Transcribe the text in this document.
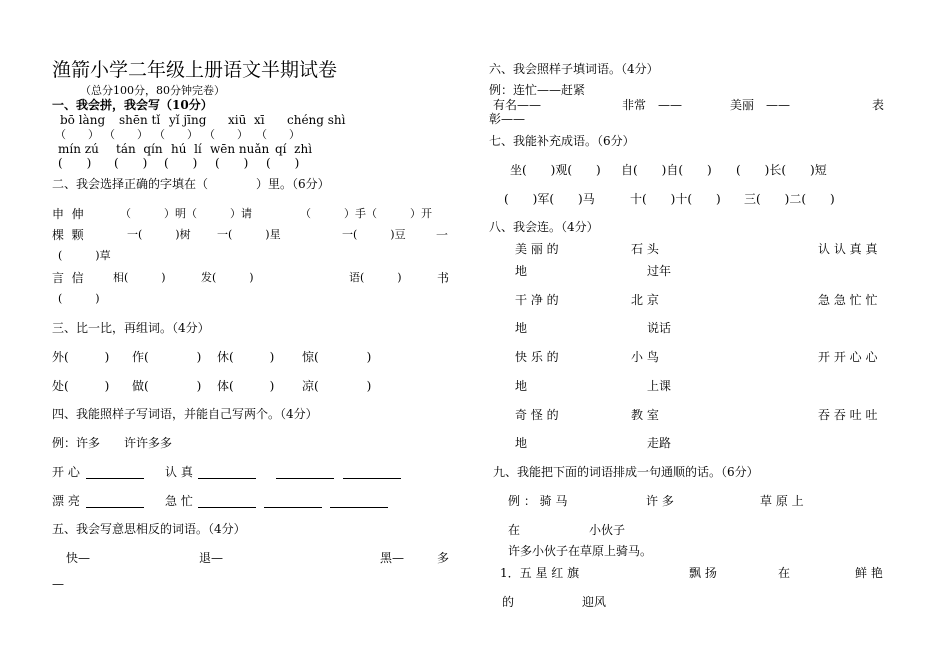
渔箭小学二年级上册语文半期试卷
（总分100分，80分钟完卷）
一、我会拼，我会写（10分）
bō làng shēn tǐ yǐ jīng xiū  xī chéng shì
（　　） （　　） （　　） （　　） （　　）
mín zú tán  qín hú  lí wēn nuǎn qí  zhì
(　　) (　　) (　　) (　　) (　　)
二、我会选择正确的字填在（　　　　）里。（6分）
申  伸	（　　　）明（　　　）请	（　　　）手（　　　）开
棵  颗	一(　　　)树 一(　　　)星	一(　　　)豆	一
(　　　)草
言  信	相(　　　)	发(　　　)	语(　　　)	书
(　　　)
三、比一比，再组词。（4分）
外(　　　) 作(　　　　) 休(　　　) 惊(　　　　)
处(　　　) 做(　　　　) 体(　　　) 凉(　　　　)
四、我能照样子写词语，并能自己写两个。（4分）
例：许多　　许许多多
开 心	认 真
漂 亮	急 忙
五、我会写意思相反的词语。（4分）
快—	退—	黑—	多
—
六、我会照样子填词语。（4分）
例：连忙——赶紧
有名——	非常　——	美丽　——	表
彰——
七、我能补充成语。（6分）
坐(　　)观(　　) 自(　　)自(　　) (　　)长(　　)短
(　　)军(　　)马	十(　　)十(　　) 三(　　)二(　　)
八、我会连。（4分）
美 丽 的	石 头	认 认 真 真
地	过年
干 净 的	北 京	急 急 忙 忙
地	说话
快 乐 的	小 鸟	开 开 心 心
地	上课
奇 怪 的	教 室	吞 吞 吐 吐
地	走路
九、我能把下面的词语排成一句通顺的话。（6分）
例 ： 骑 马	许 多	草 原 上
在	小伙子
许多小伙子在草原上骑马。
1．五 星 红 旗	飘 扬	在	鲜 艳
的	迎风
